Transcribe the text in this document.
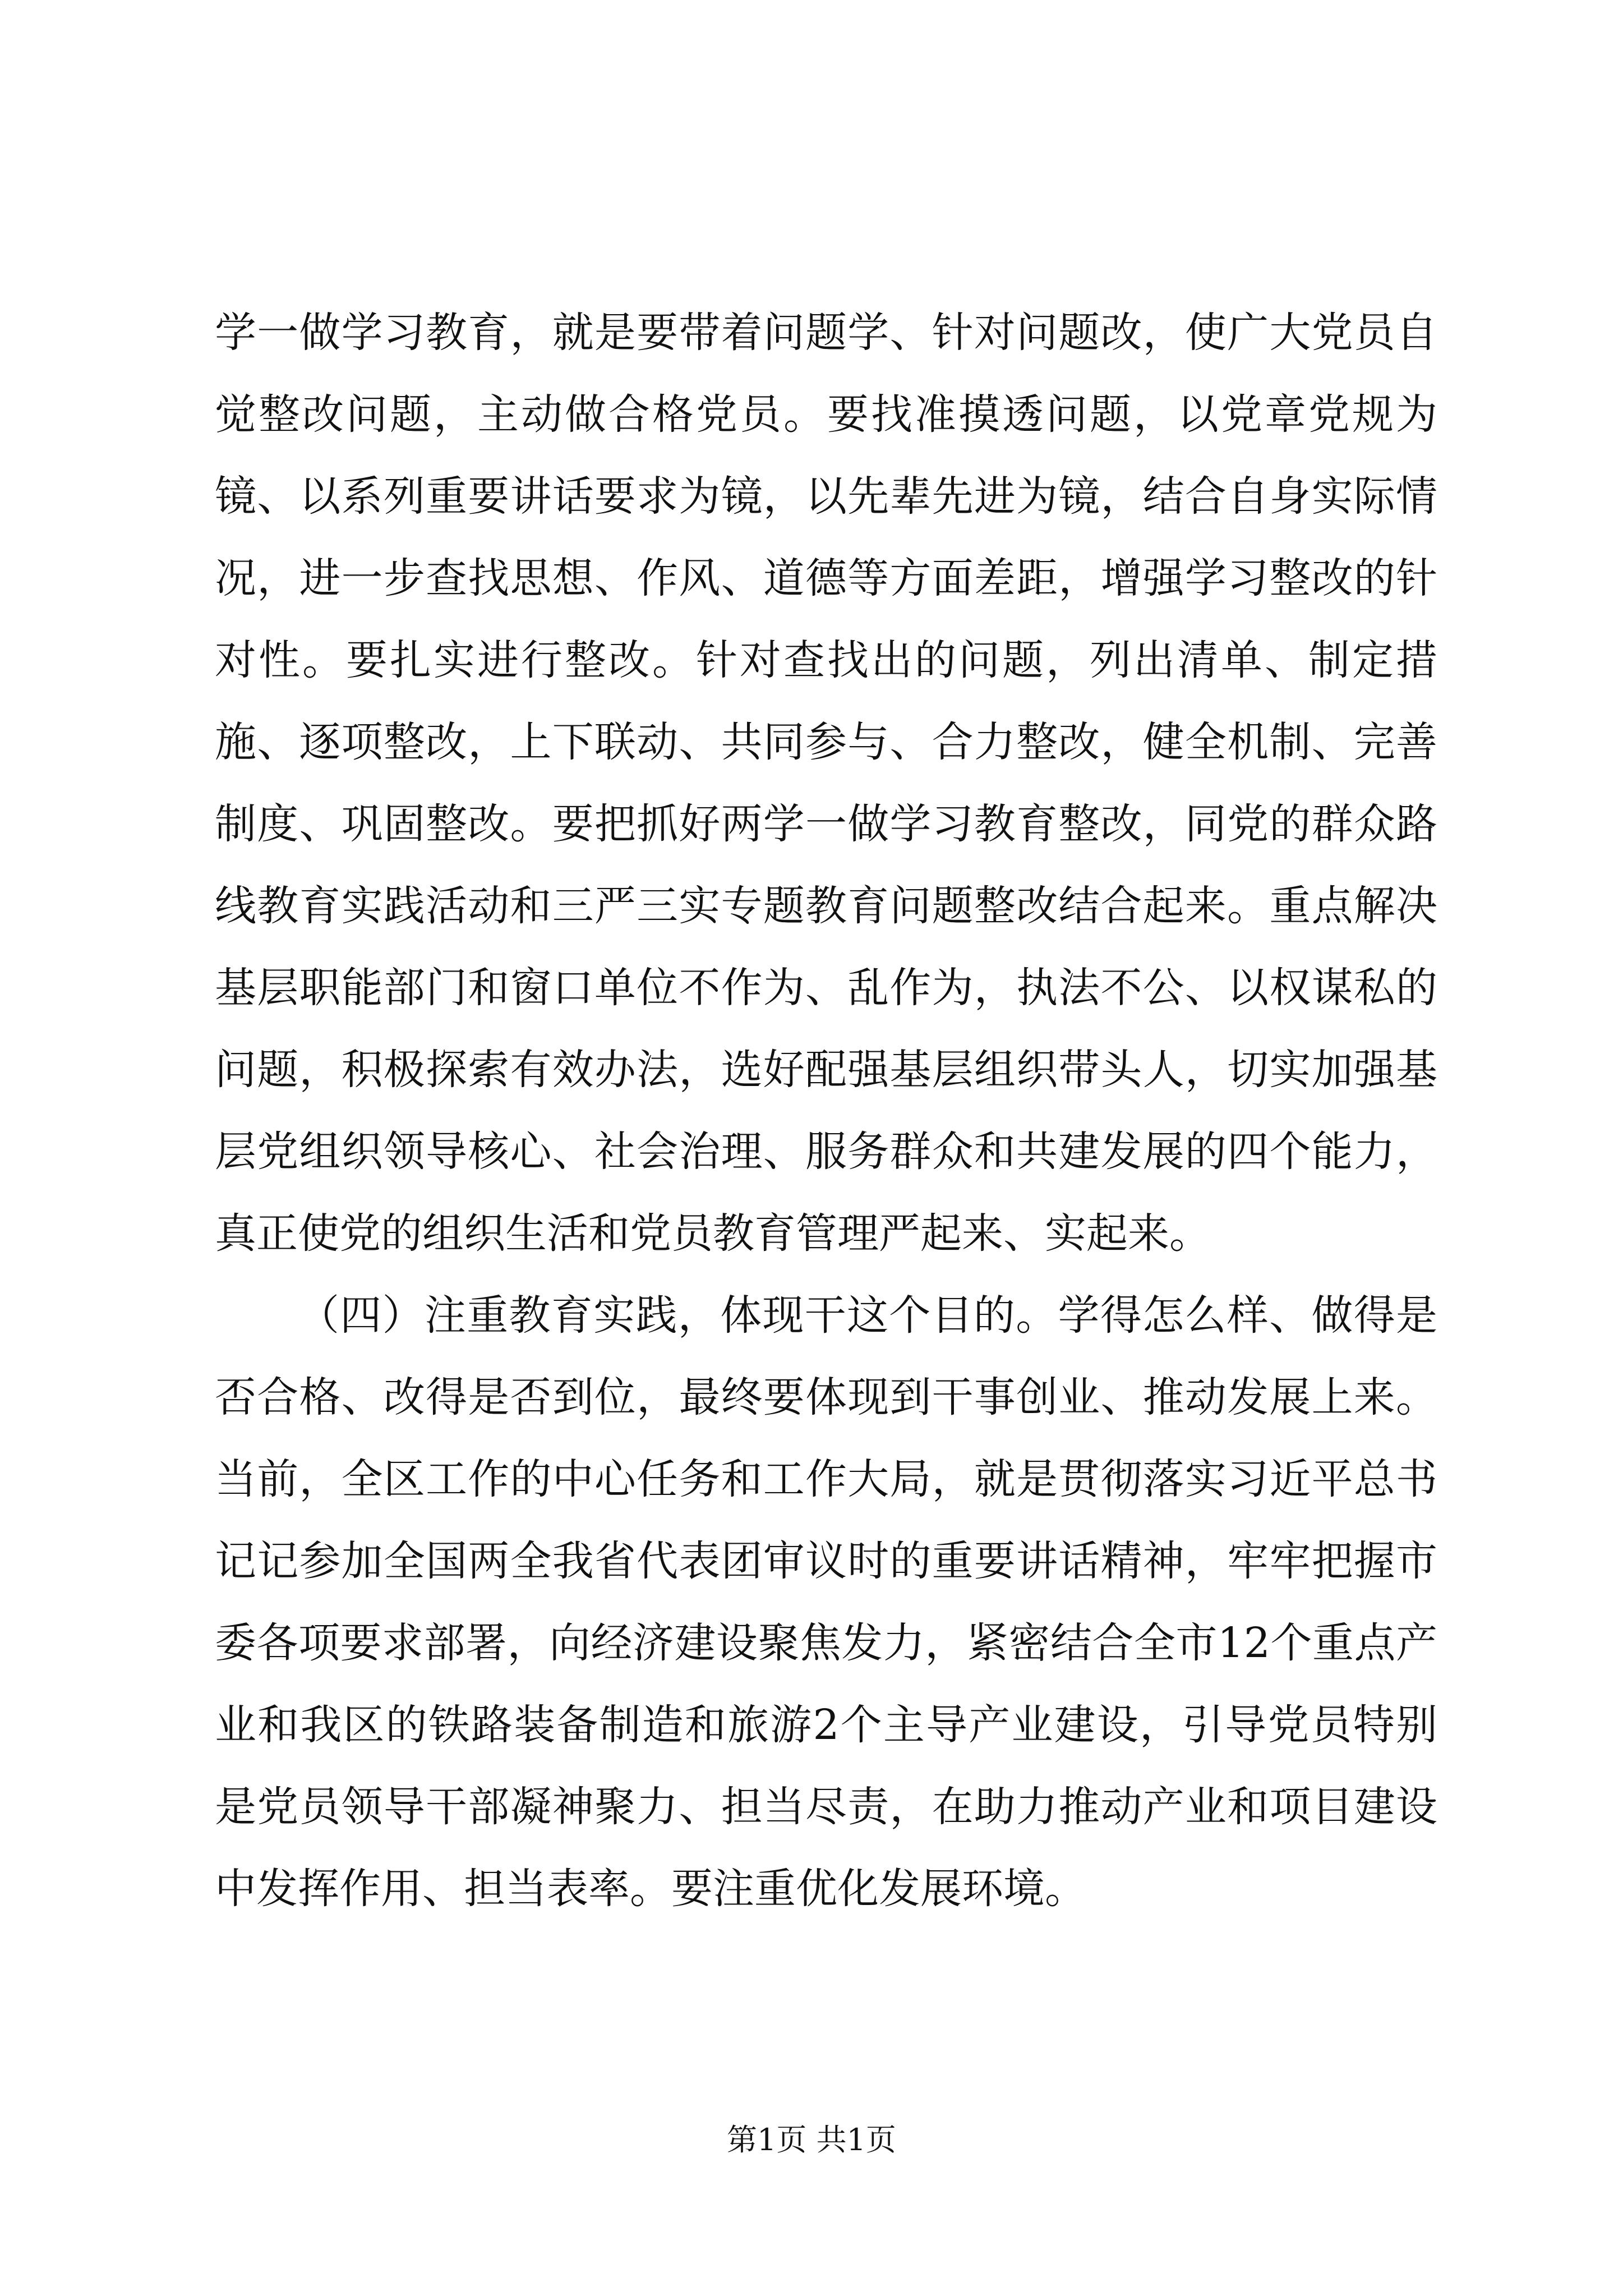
学一做学习教育，就是要带着问题学、针对问题改，使广大党员自觉整改问题，主动做合格党员。要找准摸透问题，以党章党规为镜、以系列重要讲话要求为镜，以先辈先进为镜，结合自身实际情况，进一步查找思想、作风、道德等方面差距，增强学习整改的针对性。要扎实进行整改。针对查找出的问题，列出清单、制定措施、逐项整改，上下联动、共同参与、合力整改，健全机制、完善制度、巩固整改。要把抓好两学一做学习教育整改，同党的群众路线教育实践活动和三严三实专题教育问题整改结合起来。重点解决基层职能部门和窗口单位不作为、乱作为，执法不公、以权谋私的问题，积极探索有效办法，选好配强基层组织带头人，切实加强基层党组织领导核心、社会治理、服务群众和共建发展的四个能力，真正使党的组织生活和党员教育管理严起来、实起来。

（四）注重教育实践，体现干这个目的。学得怎么样、做得是否合格、改得是否到位，最终要体现到干事创业、推动发展上来。当前，全区工作的中心任务和工作大局，就是贯彻落实习近平总书记记参加全国两全我省代表团审议时的重要讲话精神，牢牢把握市委各项要求部署，向经济建设聚焦发力，紧密结合全市12个重点产业和我区的铁路装备制造和旅游2个主导产业建设，引导党员特别是党员领导干部凝神聚力、担当尽责，在助力推动产业和项目建设中发挥作用、担当表率。要注重优化发展环境。

第1页 共1页
